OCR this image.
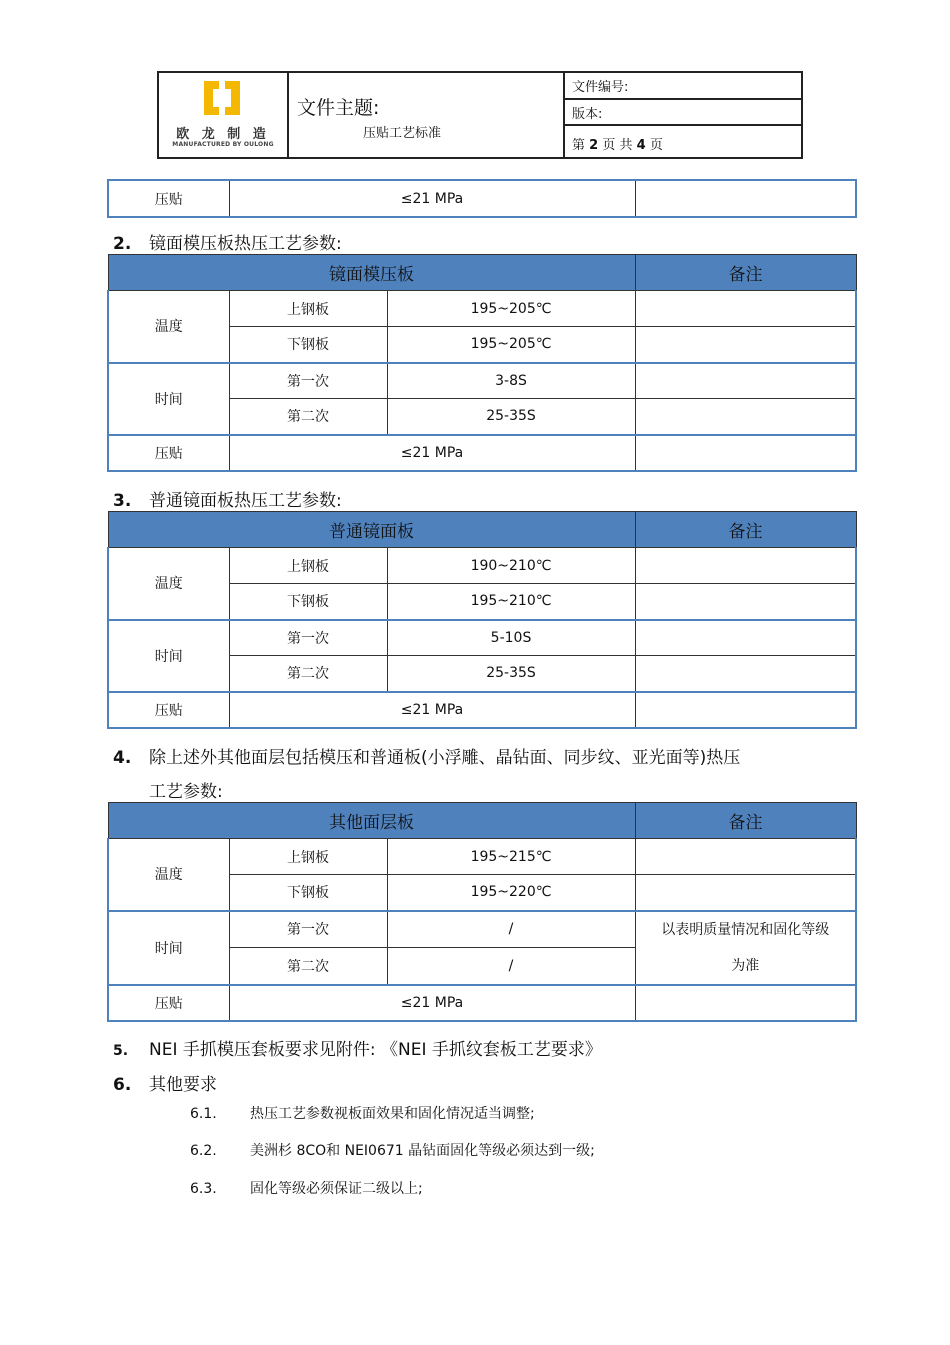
欧 龙 制 造
MANUFACTURED BY OULONG
文件主题:
压贴工艺标准
文件编号:
版本:
第 2 页 共 4 页
压贴	≤21 MPa	
2. 镜面模压板热压工艺参数:
镜面模压板			备注
温度	上钢板	195~205℃	
	下钢板	195~205℃	
时间	第一次	3-8S	
	第二次	25-35S	
压贴	≤21 MPa		
3. 普通镜面板热压工艺参数:
普通镜面板			备注
温度	上钢板	190~210℃	
	下钢板	195~210℃	
时间	第一次	5-10S	
	第二次	25-35S	
压贴	≤21 MPa		
4. 除上述外其他面层包括模压和普通板(小浮雕、晶钻面、同步纹、亚光面等)热压
工艺参数:
其他面层板			备注
温度	上钢板	195~215℃	
	下钢板	195~220℃	
时间	第一次	/	以表明质量情况和固化等级
为准

	第二次	/	
压贴	≤21 MPa		
5. NEI 手抓模压套板要求见附件: 《NEI 手抓纹套板工艺要求》
6. 其他要求
6.1. 热压工艺参数视板面效果和固化情况适当调整;
6.2. 美洲杉 8CO和 NEI0671 晶钻面固化等级必须达到一级;
6.3. 固化等级必须保证二级以上;
